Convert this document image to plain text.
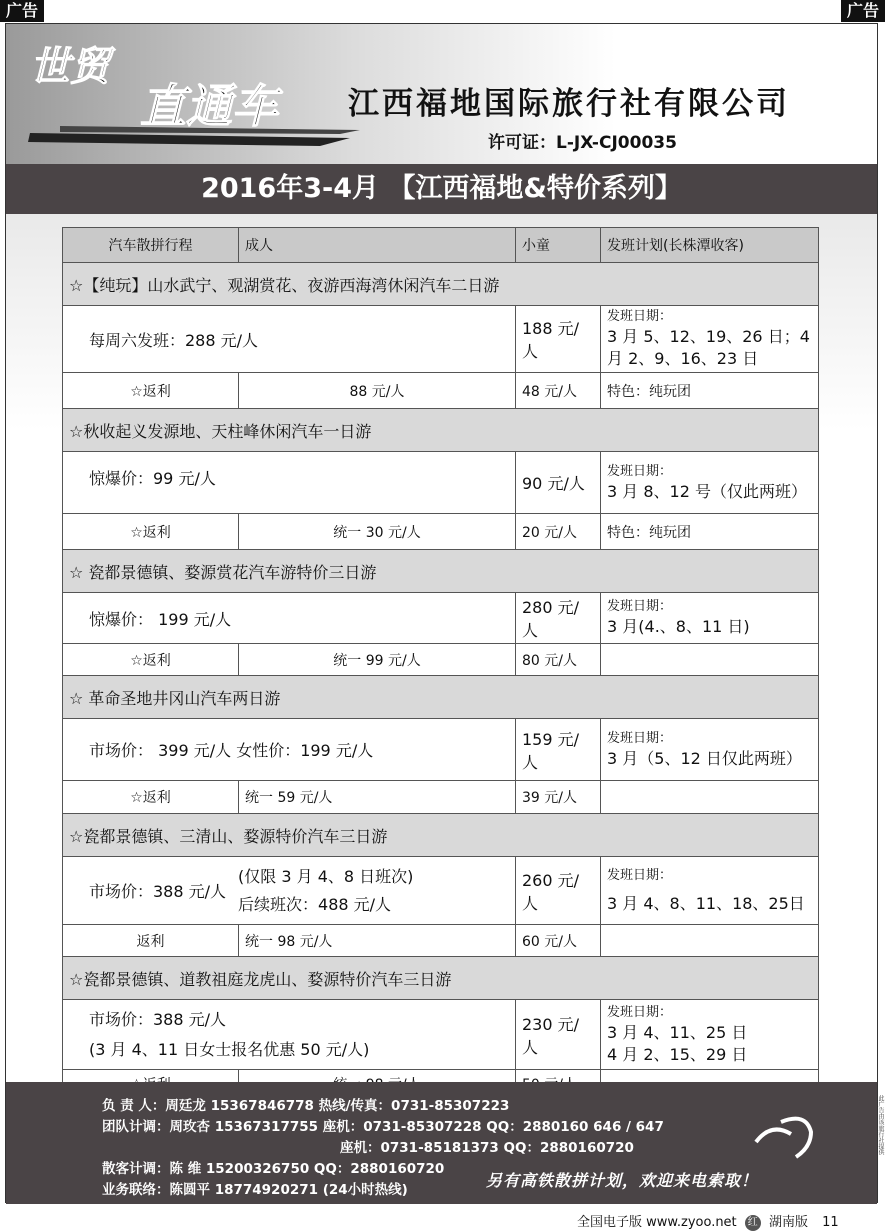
广告	广告
世贸
直通车 江西福地国际旅行社有限公司
许可证：L-JX-CJ00035
2016年3-4月 【江西福地&特价系列】
汽车散拼行程	成人	小童	发班计划(长株潭收客)
☆【纯玩】山水武宁、观湖赏花、夜游西海湾休闲汽车二日游			
每周六发班：288 元/人		188 元/人	发班日期：
3 月 5、12、19、26 日；4 月 2、9、16、23 日
☆返利	88 元/人	48 元/人	特色：纯玩团
☆秋收起义发源地、天柱峰休闲汽车一日游			
惊爆价：99 元/人		90 元/人	发班日期：
3 月 8、12 号（仅此两班）
☆返利	统一 30 元/人	20 元/人	特色：纯玩团
☆ 瓷都景德镇、婺源赏花汽车游特价三日游			
惊爆价： 199 元/人		280 元/人	发班日期：
3 月(4.、8、11 日)
☆返利	统一 99 元/人	80 元/人	
☆ 革命圣地井冈山汽车两日游			
市场价： 399 元/人 女性价：199 元/人		159 元/人	发班日期：
3 月（5、12 日仅此两班）
☆返利	统一 59 元/人	39 元/人	
☆瓷都景德镇、三清山、婺源特价汽车三日游			

市场价：388 元/人
(仅限 3 月 4、8 日班次)
后续班次：488 元/人		260 元/人	发班日期：
3 月 4、8、11、18、25日

返利	统一 98 元/人	60 元/人	
☆瓷都景德镇、道教祖庭龙虎山、婺源特价汽车三日游			

市场价：388 元/人
(3 月 4、11 日女士报名优惠 50 元/人)		230 元/人	发班日期：
3 月 4、11、25 日
4 月 2、15、29 日

负 责 人：周廷龙 15367846778 热线/传真：0731-85307223
团队计调：周玫杏 15367317755 座机：0731-85307228 QQ：2880160 646 / 647
座机：0731-85181373 QQ：2880160720
散客计调：陈 维 15200326750 QQ：2880160720
业务联络：陈圆平 18774920271 (24小时热线)	另有高铁散拼计划，欢迎来电索取！
全国电子版 www.zyoo.net 红 湖南版 11
此广告由该旅行社提供
